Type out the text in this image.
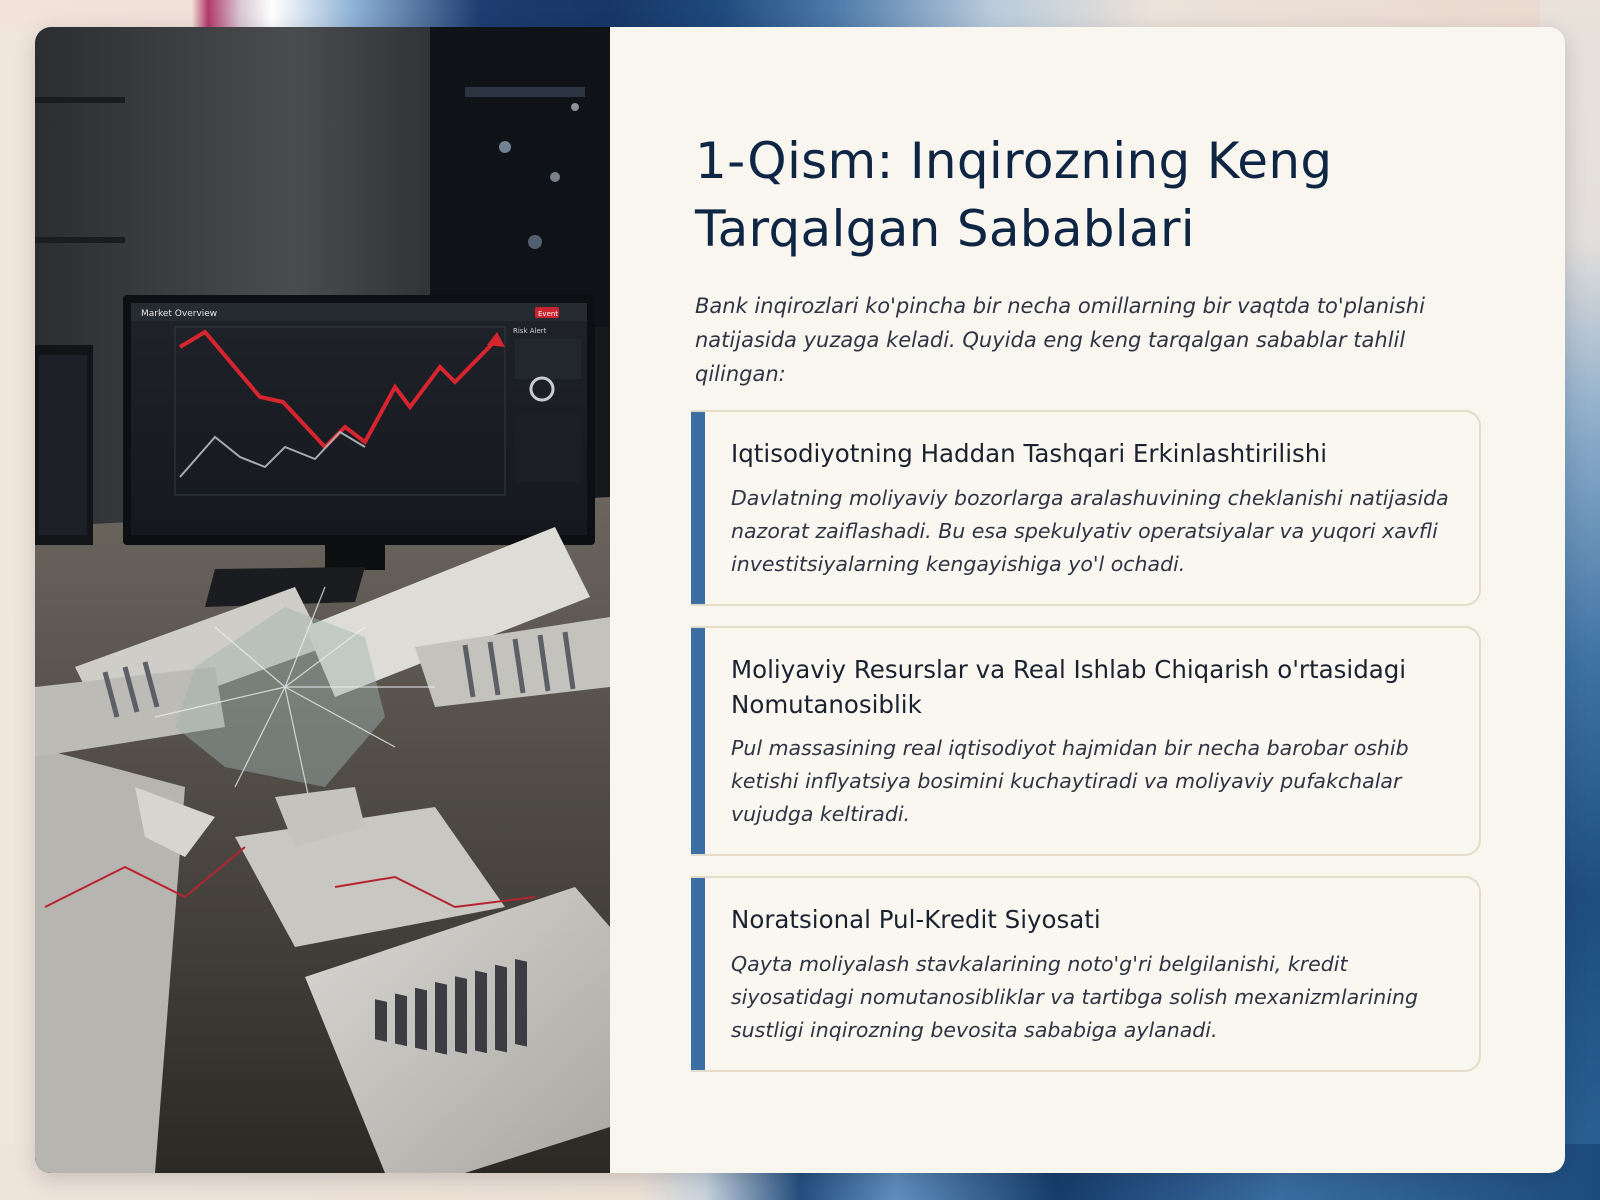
Market Overview	Event
Risk Alert
1-Qism: Inqirozning Keng
Tarqalgan Sabablari

Bank inqirozlari ko'pincha bir necha omillarning bir vaqtda to'planishi natijasida yuzaga keladi. Quyida eng keng tarqalgan sabablar tahlil qilingan:

Iqtisodiyotning Haddan Tashqari Erkinlashtirilishi
Davlatning moliyaviy bozorlarga aralashuvining cheklanishi natijasida nazorat zaiflashadi. Bu esa spekulyativ operatsiyalar va yuqori xavfli investitsiyalarning kengayishiga yo'l ochadi.
Moliyaviy Resurslar va Real Ishlab Chiqarish o'rtasidagi Nomutanosiblik
Pul massasining real iqtisodiyot hajmidan bir necha barobar oshib ketishi inflyatsiya bosimini kuchaytiradi va moliyaviy pufakchalar vujudga keltiradi.
Noratsional Pul-Kredit Siyosati
Qayta moliyalash stavkalarining noto'g'ri belgilanishi, kredit siyosatidagi nomutanosibliklar va tartibga solish mexanizmlarining sustligi inqirozning bevosita sababiga aylanadi.
